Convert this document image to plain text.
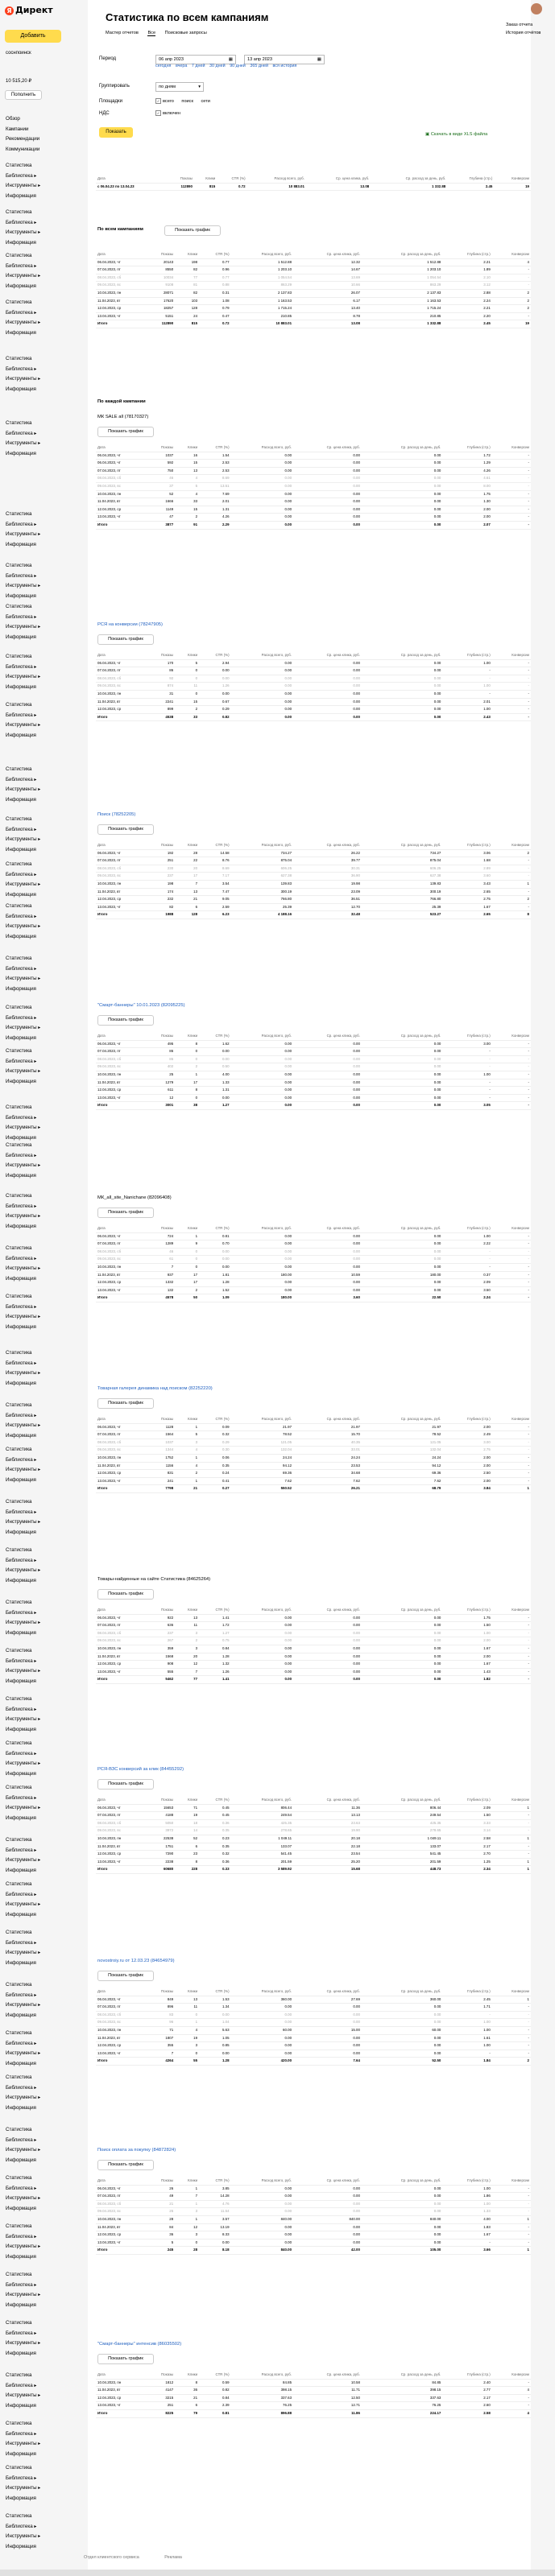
Я Директ
Добавить
соснпоинск
10 515,20 ₽
Пополнить
Обзор
Кампании
Рекомендации
Коммуникации
Статистика
Библиотека ▸
Инструменты ▸
Информация
Статистика
Библиотека ▸
Инструменты ▸
Информация
Статистика
Библиотека ▸
Инструменты ▸
Информация
Статистика
Библиотека ▸
Инструменты ▸
Информация
Статистика
Библиотека ▸
Инструменты ▸
Информация
Статистика
Библиотека ▸
Инструменты ▸
Информация
Статистика
Библиотека ▸
Инструменты ▸
Информация
Статистика
Библиотека ▸
Инструменты ▸
Информация
Статистика
Библиотека ▸
Инструменты ▸
Информация
Статистика
Библиотека ▸
Инструменты ▸
Информация
Статистика
Библиотека ▸
Инструменты ▸
Информация
Статистика
Библиотека ▸
Инструменты ▸
Информация
Статистика
Библиотека ▸
Инструменты ▸
Информация
Статистика
Библиотека ▸
Инструменты ▸
Информация
Статистика
Библиотека ▸
Инструменты ▸
Информация
Статистика
Библиотека ▸
Инструменты ▸
Информация
Статистика
Библиотека ▸
Инструменты ▸
Информация
Статистика
Библиотека ▸
Инструменты ▸
Информация
Статистика
Библиотека ▸
Инструменты ▸
Информация
Статистика
Библиотека ▸
Инструменты ▸
Информация
Статистика
Библиотека ▸
Инструменты ▸
Информация
Статистика
Библиотека ▸
Инструменты ▸
Информация
Статистика
Библиотека ▸
Инструменты ▸
Информация
Статистика
Библиотека ▸
Инструменты ▸
Информация
Статистика
Библиотека ▸
Инструменты ▸
Информация
Статистика
Библиотека ▸
Инструменты ▸
Информация
Статистика
Библиотека ▸
Инструменты ▸
Информация
Статистика
Библиотека ▸
Инструменты ▸
Информация
Статистика
Библиотека ▸
Инструменты ▸
Информация
Статистика
Библиотека ▸
Инструменты ▸
Информация
Статистика
Библиотека ▸
Инструменты ▸
Информация
Статистика
Библиотека ▸
Инструменты ▸
Информация
Статистика
Библиотека ▸
Инструменты ▸
Информация
Статистика
Библиотека ▸
Инструменты ▸
Информация
Статистика
Библиотека ▸
Инструменты ▸
Информация
Статистика
Библиотека ▸
Инструменты ▸
Информация
Статистика
Библиотека ▸
Инструменты ▸
Информация
Статистика
Библиотека ▸
Инструменты ▸
Информация
Статистика
Библиотека ▸
Инструменты ▸
Информация
Статистика
Библиотека ▸
Инструменты ▸
Информация
Статистика
Библиотека ▸
Инструменты ▸
Информация
Статистика
Библиотека ▸
Инструменты ▸
Информация
Статистика
Библиотека ▸
Инструменты ▸
Информация
Статистика
Библиотека ▸
Инструменты ▸
Информация
Статистика
Библиотека ▸
Инструменты ▸
Информация
Статистика
Библиотека ▸
Инструменты ▸
Информация
Статистика
Библиотека ▸
Инструменты ▸
Информация
Статистика
Библиотека ▸
Инструменты ▸
Информация
Статистика по всем кампаниям
Мастер отчетов Все Поисковые запросы
Период	06 апр 2023	▦	13 апр 2023	▦
сегодня вчера 7 дней 30 дней 90 дней 365 дней вся история
Группировать	по дням	▾
Площадки	✓ всего поиск сети
НДС	✓ включен
Показать	▣ Скачать в виде XLS файла
Дата	Показы	Клики	CTR (%)	Расход всего, руб.	Ср. цена клика, руб.	Ср. расход за день, руб.	Глубина (стр.)	Конверсии
с 06.04.23 по 13.04.23	112890	815	0.72	10 883.01	13.08	1 332.88	2.45	19
По всем кампаниям	Показать график
Дата	Показы	Клики	CTR (%)	Расход всего, руб.	Ср. цена клика, руб.	Ср. расход за день, руб.	Глубина (стр.)	Конверсии
06.04.2023, чт	20143	198	0.77	1 512.88	12.32	1 512.88	2.21	4
07.04.2023, пт	8550	82	0.96	1 203.10	14.67	1 203.10	1.89	-
08.04.2023, сб	10034	77	0.77	1 054.54	13.69	1 054.54	2.10	-
09.04.2023, вс	9108	81	0.88	863.29	10.66	863.29	3.12	-
10.04.2023, пн	28071	82	0.31	2 137.83	26.07	2 137.83	2.88	2
11.04.2023, вт	17620	103	1.08	1 163.53	6.17	1 163.53	2.24	2
12.04.2023, ср	18257	128	0.79	1 715.24	13.40	1 715.24	2.21	2
13.04.2023, чт	5151	24	0.47	210.85	8.78	210.85	2.20	-
Итого	112890	815	0.72	10 883.01	13.08	1 332.88	2.45	19
По каждой кампании
МК SALE all (78170327)
Показать график
Дата	Показы	Клики	CTR (%)	Расход всего, руб.	Ср. цена клика, руб.	Ср. расход за день, руб.	Глубина (стр.)	Конверсии
06.04.2023, чт	1037	16	1.54	0.00	0.00	0.00	1.72	-
06.04.2023, чт	592	15	2.53	0.00	0.00	0.00	1.29	-
07.04.2023, пт	750	13	2.53	0.00	0.00	0.00	4.26	-
08.04.2023, сб	46	4	8.69	0.00	0.00	0.00	4.61	-
09.04.2023, вс	37	5	13.51	0.00	0.00	0.00	8.00	-
10.04.2023, пн	52	4	7.69	0.00	0.00	0.00	1.75	-
11.04.2023, вт	1666	33	2.01	0.00	0.00	0.00	1.30	-
12.04.2023, ср	1149	15	1.31	0.00	0.00	0.00	2.00	-
13.04.2023, чт	47	2	4.26	0.00	0.00	0.00	2.00	-
Итого	3877	91	2.29	0.00	0.00	0.00	2.07	-
РСЯ на конверсии (78247905)
Показать график
Дата	Показы	Клики	CTR (%)	Расход всего, руб.	Ср. цена клика, руб.	Ср. расход за день, руб.	Глубина (стр.)	Конверсии
06.04.2023, чт	170	5	2.94	0.00	0.00	0.00	1.00	-
07.04.2023, пт	86	0	0.00	0.00	0.00	0.00	-	-
08.04.2023, сб	92	0	0.00	0.00	0.00	0.00	-	-
09.04.2023, вс	874	11	1.26	0.00	0.00	0.00	1.00	-
10.04.2023, пн	31	0	0.00	0.00	0.00	0.00	-	-
11.04.2023, вт	2241	15	0.67	0.00	0.00	0.00	2.01	-
12.04.2023, ср	899	2	0.29	0.00	0.00	0.00	1.00	-
Итого	4538	33	0.82	0.00	0.00	0.00	2.43	-
Поиск (78252205)
Показать график
Дата	Показы	Клики	CTR (%)	Расход всего, руб.	Ср. цена клика, руб.	Ср. расход за день, руб.	Глубина (стр.)	Конверсии
06.04.2023, чт	192	28	14.58	734.27	26.22	734.27	3.06	2
07.04.2023, пт	251	22	8.76	875.04	39.77	875.04	1.68	-
08.04.2023, сб	230	20	8.69	606.25	30.31	606.25	2.89	-
09.04.2023, вс	237	17	7.17	627.38	36.90	627.38	3.60	-
10.04.2023, пн	198	7	3.54	139.83	19.98	139.83	3.43	1
11.04.2023, вт	174	13	7.47	300.19	23.09	300.19	2.65	-
12.04.2023, ср	232	21	9.05	766.80	36.51	766.80	2.75	2
13.04.2023, чт	82	6	2.59	25.39	12.70	25.39	1.67	-
Итого	1988	128	6.23	4 188.16	32.48	523.27	2.65	8
"Смарт-баннеры" 10.01.2023 (82095225)
Показать график
Дата	Показы	Клики	CTR (%)	Расход всего, руб.	Ср. цена клика, руб.	Ср. расход за день, руб.	Глубина (стр.)	Конверсии
06.04.2023, чт	495	8	1.62	0.00	0.00	0.00	3.00	-
07.04.2023, пт	86	0	0.00	0.00	0.00	0.00	-	-
08.04.2023, сб	86	0	0.00	0.00	0.00	0.00	-	-
09.04.2023, вс	402	2	0.50	0.00	0.00	0.00	-	-
10.04.2023, пн	25	1	4.00	0.00	0.00	0.00	1.00	-
11.04.2023, вт	1279	17	1.33	0.00	0.00	0.00	-	-
12.04.2023, ср	611	8	1.31	0.00	0.00	0.00	-	-
13.04.2023, чт	12	0	0.00	0.00	0.00	0.00	-	-
Итого	3001	38	1.27	0.00	0.00	0.00	3.05	-
МК_all_site_Nanichane (82096408)
Показать график
Дата	Показы	Клики	CTR (%)	Расход всего, руб.	Ср. цена клика, руб.	Ср. расход за день, руб.	Глубина (стр.)	Конверсии
06.04.2023, чт	724	1	0.81	0.00	0.00	0.00	1.00	-
07.04.2023, пт	1289	9	0.70	0.00	0.00	0.00	2.22	-
08.04.2023, сб	46	0	0.00	0.00	0.00	0.00	-	-
09.04.2023, вс	61	0	0.00	0.00	0.00	0.00	-	-
10.04.2023, пн	7	0	0.00	0.00	0.00	0.00	-	-
11.04.2023, вт	937	17	1.81	180.00	10.59	180.00	0.37	-
12.04.2023, ср	1332	17	1.28	0.00	0.00	0.00	2.09	-
13.04.2023, чт	132	2	1.52	0.00	0.00	0.00	3.50	-
Итого	4578	50	1.09	180.00	3.60	22.50	2.24	-
Товарная галерея динамика над поиском (82252220)
Показать график
Дата	Показы	Клики	CTR (%)	Расход всего, руб.	Ср. цена клика, руб.	Ср. расход за день, руб.	Глубина (стр.)	Конверсии
06.04.2023, чт	1128	1	0.09	21.97	21.97	21.97	2.00	-
07.04.2023, пт	1564	5	0.32	78.52	15.70	78.52	2.49	-
08.04.2023, сб	1037	3	0.29	121.05	40.35	121.05	3.00	-
09.04.2023, вс	1344	4	0.30	132.04	33.01	132.04	2.75	-
10.04.2023, пн	1752	1	0.06	24.24	24.24	24.24	2.00	-
11.04.2023, вт	1156	4	0.35	94.12	23.53	94.12	2.00	-
12.04.2023, ср	831	2	0.24	69.36	34.68	69.36	2.50	-
13.04.2023, чт	241	1	0.41	7.62	7.62	7.62	2.00	-
Итого	7798	21	0.27	550.52	26.21	68.79	3.84	1
Товары-найденные на сайте Статистика (84625264)
Показать график
Дата	Показы	Клики	CTR (%)	Расход всего, руб.	Ср. цена клика, руб.	Ср. расход за день, руб.	Глубина (стр.)	Конверсии
06.04.2023, чт	922	13	1.41	0.00	0.00	0.00	1.75	-
07.04.2023, пт	636	11	1.72	0.00	0.00	0.00	1.50	-
08.04.2023, сб	237	3	1.27	0.00	0.00	0.00	1.00	-
09.04.2023, вс	267	2	0.75	0.00	0.00	0.00	2.00	-
10.04.2023, пн	359	3	0.84	0.00	0.00	0.00	1.67	-
11.04.2023, вт	1568	20	1.28	0.00	0.00	0.00	2.00	-
12.04.2023, ср	908	12	1.32	0.00	0.00	0.00	1.67	-
13.04.2023, чт	555	7	1.26	0.00	0.00	0.00	1.43	-
Итого	5462	77	1.41	0.00	0.00	0.00	1.82	-
РСЯ-ВЗС конверсий за клик (84455292)
Показать график
Дата	Показы	Клики	CTR (%)	Расход всего, руб.	Ср. цена клика, руб.	Ср. расход за день, руб.	Глубина (стр.)	Конверсии
06.04.2023, чт	15653	71	0.45	806.44	11.36	806.44	2.09	1
07.04.2023, пт	4188	19	0.45	249.54	13.13	249.54	1.50	-
08.04.2023, сб	5050	18	0.36	425.35	23.63	425.35	3.33	-
09.04.2023, вс	3972	14	0.35	278.65	19.90	278.65	3.14	-
10.04.2023, пн	22538	52	0.23	1 049.11	20.18	1 049.11	2.58	1
11.04.2023, вт	1751	6	0.35	133.07	22.18	133.07	2.17	-
12.04.2023, ср	7290	23	0.32	541.45	23.54	541.45	2.70	-
13.04.2023, чт	2238	8	0.36	201.59	25.20	201.59	1.25	1
Итого	60680	228	0.33	3 589.92	15.68	448.73	2.34	1
novostroiy.ru от 12.03.23 (84654979)
Показать график
Дата	Показы	Клики	CTR (%)	Расход всего, руб.	Ср. цена клика, руб.	Ср. расход за день, руб.	Глубина (стр.)	Конверсии
06.04.2023, чт	849	13	1.53	360.00	27.69	360.00	2.45	1
07.04.2023, пт	896	11	1.34	0.00	0.00	0.00	1.71	-
08.04.2023, сб	83	0	0.00	0.00	0.00	0.00	-	-
09.04.2023, вс	96	1	1.04	0.00	0.00	0.00	1.00	-
10.04.2023, пн	71	4	5.63	60.00	15.00	60.00	1.00	-
11.04.2023, вт	1807	19	1.05	0.00	0.00	0.00	1.61	-
12.04.2023, ср	355	3	0.85	0.00	0.00	0.00	1.00	-
13.04.2023, чт	7	0	0.00	0.00	0.00	0.00	-	-
Итого	4264	55	1.28	420.00	7.64	52.50	1.84	2
Поиск оплата за покупку (84872824)
Показать график
Дата	Показы	Клики	CTR (%)	Расход всего, руб.	Ср. цена клика, руб.	Ср. расход за день, руб.	Глубина (стр.)	Конверсии
06.04.2023, чт	26	1	3.85	0.00	0.00	0.00	1.00	-
07.04.2023, пт	49	7	14.28	0.00	0.00	0.00	1.86	-
08.04.2023, сб	21	1	4.76	0.00	0.00	0.00	1.00	-
09.04.2023, вс	26	3	11.54	0.00	0.00	0.00	1.33	-
10.04.2023, пн	28	1	3.57	840.00	840.00	840.00	4.00	1
11.04.2023, вт	84	12	13.19	0.00	0.00	0.00	1.83	-
12.04.2023, ср	36	3	8.33	0.00	0.00	0.00	1.67	-
13.04.2023, чт	5	0	0.00	0.00	0.00	0.00	-	-
Итого	245	28	8.18	840.00	42.00	105.00	3.66	1
"Смарт-баннеры" интенсив (86035502)
Показать график
Дата	Показы	Клики	CTR (%)	Расход всего, руб.	Ср. цена клика, руб.	Ср. расход за день, руб.	Глубина (стр.)	Конверсии
10.04.2023, пн	1812	8	0.59	84.85	10.58	84.85	2.40	-
11.04.2023, вт	4147	36	0.82	398.15	11.71	398.15	2.77	4
12.04.2023, ср	3215	21	0.84	337.63	12.50	337.63	2.17	-
13.04.2023, чт	251	6	2.39	76.25	12.71	76.25	2.60	-
Итого	8225	79	0.81	896.88	11.86	224.17	2.58	4
Отдел клиентского сервиса	Реклама
Заказ отчета
История отчётов
